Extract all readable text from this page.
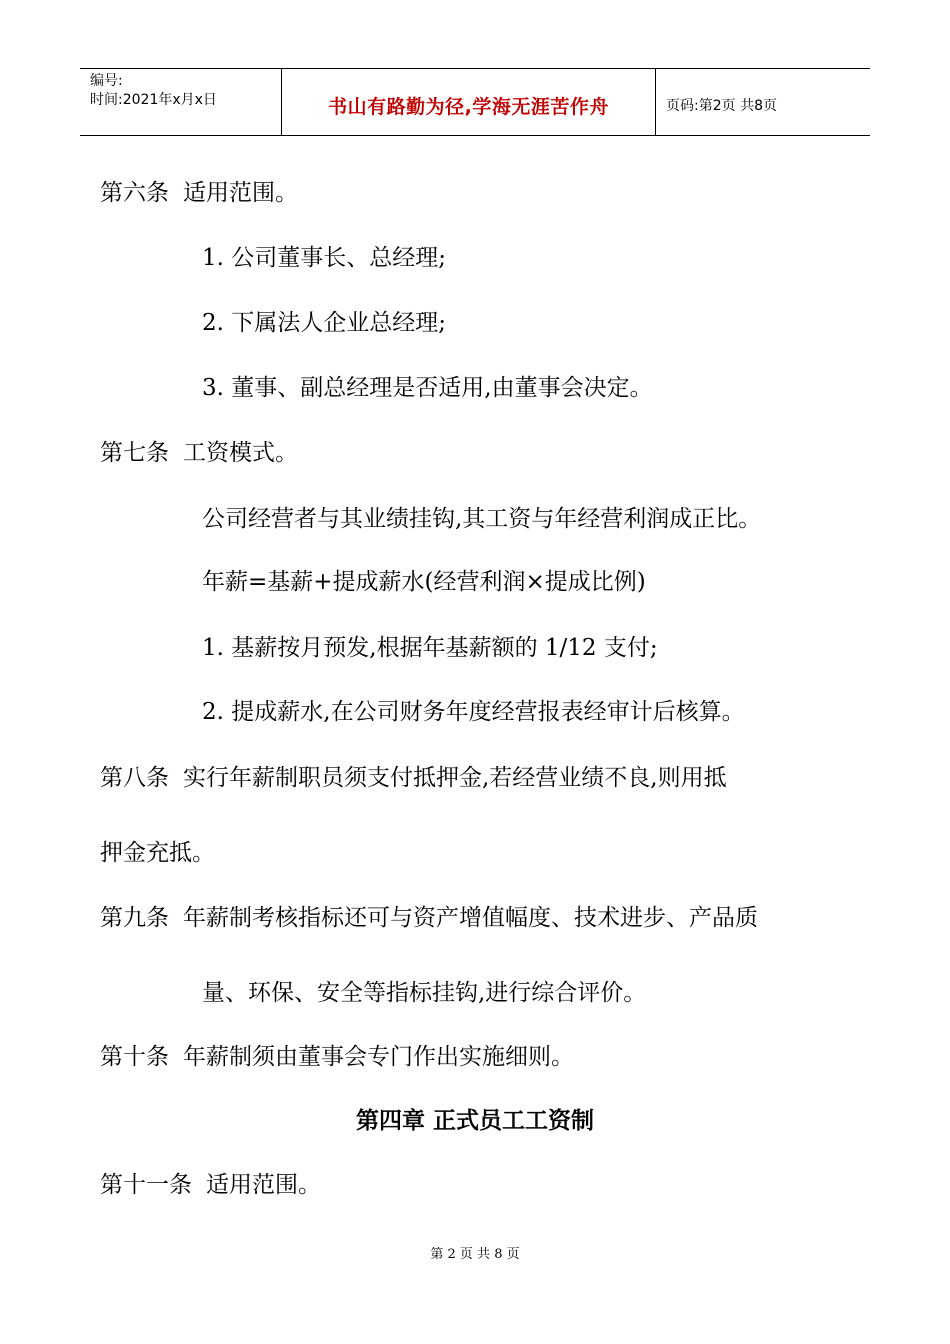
编号:
时间:2021年x月x日	书山有路勤为径,学海无涯苦作舟	页码:第2页 共8页
第六条 适用范围。
1. 公司董事长、总经理;
2. 下属法人企业总经理;
3. 董事、副总经理是否适用,由董事会决定。
第七条 工资模式。
公司经营者与其业绩挂钩,其工资与年经营利润成正比。
年薪=基薪+提成薪水(经营利润×提成比例)
1. 基薪按月预发,根据年基薪额的 1/12 支付;
2. 提成薪水,在公司财务年度经营报表经审计后核算。
第八条 实行年薪制职员须支付抵押金,若经营业绩不良,则用抵
押金充抵。
第九条 年薪制考核指标还可与资产增值幅度、技术进步、产品质
量、环保、安全等指标挂钩,进行综合评价。
第十条 年薪制须由董事会专门作出实施细则。
第四章 正式员工工资制
第十一条 适用范围。
第 2 页 共 8 页
